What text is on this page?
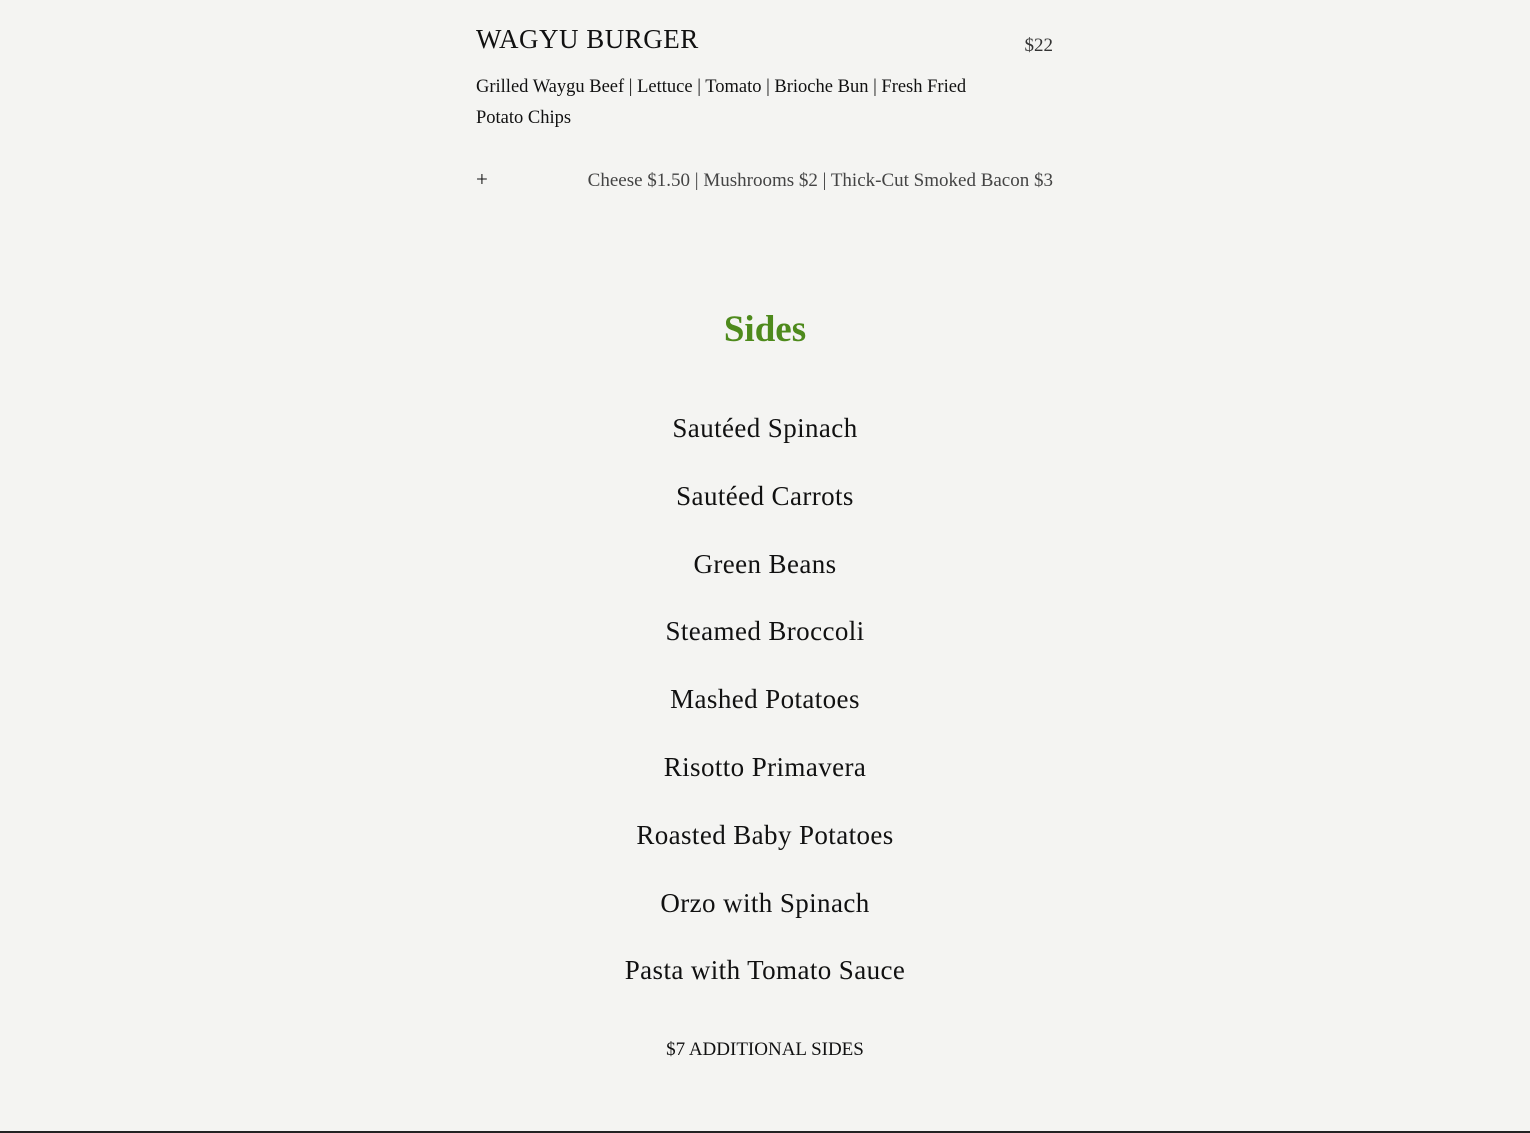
WAGYU BURGER	$22
Grilled Waygu Beef | Lettuce | Tomato | Brioche Bun | Fresh Fried Potato Chips
+	Cheese $1.50 | Mushrooms $2 | Thick-Cut Smoked Bacon $3
Sides
Sautéed Spinach
Sautéed Carrots
Green Beans
Steamed Broccoli
Mashed Potatoes
Risotto Primavera
Roasted Baby Potatoes
Orzo with Spinach
Pasta with Tomato Sauce
$7 ADDITIONAL SIDES
